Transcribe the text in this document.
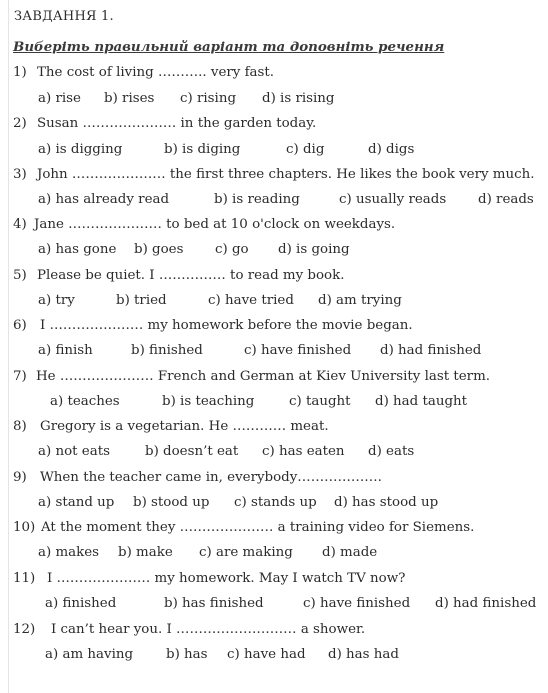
ЗАВДАННЯ 1.
Виберіть правильний варіант та доповніть речення
1) The cost of living ……….. very fast.
a) rise b) rises c) rising d) is rising
2) Susan ………………… in the garden today.
a) is digging	b) is diging	c) dig	d) digs
3) John ………………… the first three chapters. He likes the book very much.
a) has already read	b) is reading	c) usually reads d) reads
4) Jane ………………… to bed at 10 o'clock on weekdays.
a) has gone b) goes c) go d) is going
5) Please be quiet. I …………… to read my book.
a) try	b) tried	c) have tried d) am trying
6) I ………………… my homework before the movie began.
a) finish	b) finished	c) have finished d) had finished
7) He ………………… French and German at Kiev University last term.
a) teaches	b) is teaching	c) taught d) had taught
8) Gregory is a vegetarian. He ………… meat.
a) not eats	b) doesn’t eat c) has eaten d) eats
9) When the teacher came in, everybody……………….
a) stand up b) stood up c) stands up d) has stood up
10) At the moment they ………………… a training video for Siemens.
a) makes b) make c) are making d) made
11) I ………………… my homework. May I watch TV now?
a) finished	b) has finished	c) have finished d) had finished
12) I can’t hear you. I ……………………… a shower.
a) am having b) has c) have had d) has had
